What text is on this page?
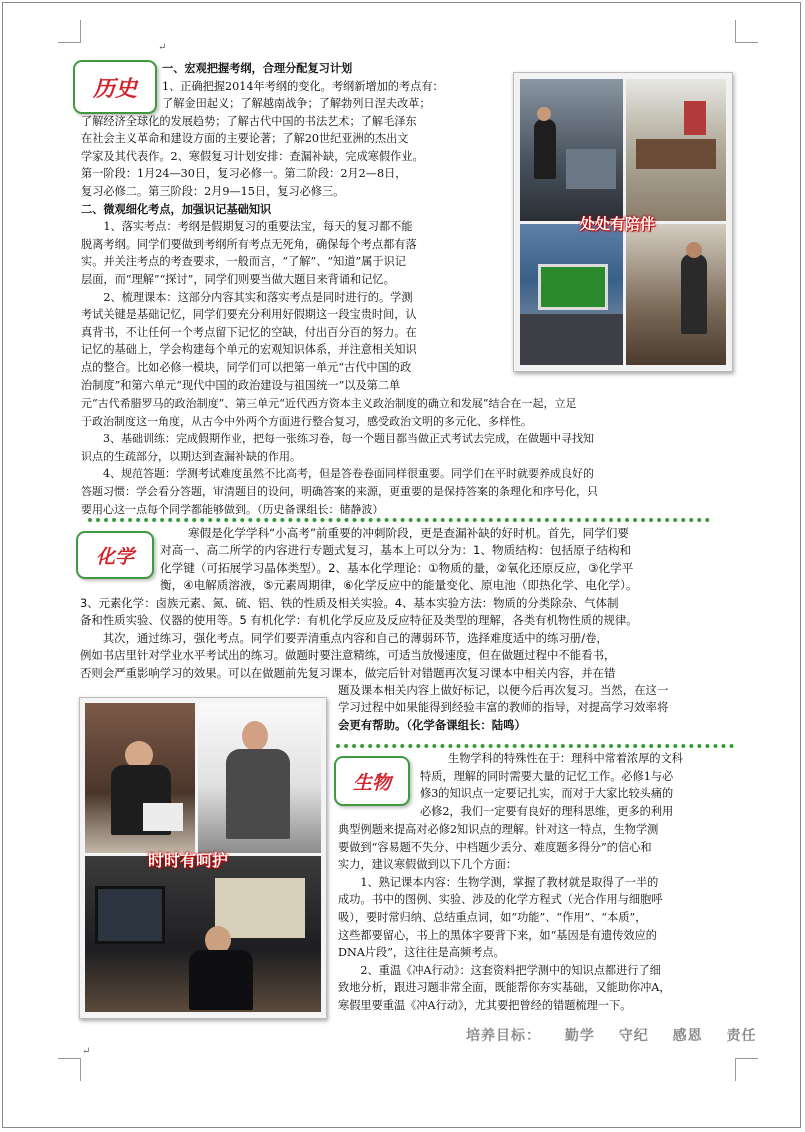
↵
↵
历史

一、宏观把握考纲，合理分配复习计划

1、正确把握2014年考纲的变化。考纲新增加的考点有：

了解金田起义；了解越南战争；了解勃列日涅夫改革；

了解经济全球化的发展趋势；了解古代中国的书法艺术；了解毛泽东

在社会主义革命和建设方面的主要论著；了解20世纪亚洲的杰出文

学家及其代表作。2、寒假复习计划安排：查漏补缺，完成寒假作业。

第一阶段：1月24—30日，复习必修一。第二阶段：2月2—8日，

复习必修二。第三阶段：2月9—15日，复习必修三。

二、微观细化考点，加强识记基础知识

　　1、落实考点：考纲是假期复习的重要法宝，每天的复习都不能

脱离考纲。同学们要做到考纲所有考点无死角，确保每个考点都有落

实。并关注考点的考查要求，一般而言，“了解”、“知道”属于识记

层面，而“理解”“探讨”，同学们则要当做大题目来背诵和记忆。

　　2、梳理课本：这部分内容其实和落实考点是同时进行的。学测

考试关键是基础记忆，同学们要充分利用好假期这一段宝贵时间，认

真背书，不让任何一个考点留下记忆的空缺，付出百分百的努力。在

记忆的基础上，学会构建每个单元的宏观知识体系，并注意相关知识

点的整合。比如必修一模块，同学们可以把第一单元“古代中国的政

治制度”和第六单元“现代中国的政治建设与祖国统一”以及第二单

元“古代希腊罗马的政治制度”、第三单元“近代西方资本主义政治制度的确立和发展”结合在一起，立足

于政治制度这一角度，从古今中外两个方面进行整合复习，感受政治文明的多元化、多样性。

　　3、基础训练：完成假期作业，把每一张练习卷，每一个题目都当做正式考试去完成，在做题中寻找知

识点的生疏部分，以期达到查漏补缺的作用。

　　4、规范答题：学测考试难度虽然不比高考，但是答卷卷面同样很重要。同学们在平时就要养成良好的

答题习惯：学会看分答题，审清题目的设问，明确答案的来源，更重要的是保持答案的条理化和序号化，只

要用心这一点每个同学都能够做到。（历史备课组长：储静波）

处处有陪伴
化学

寒假是化学学科“小高考”前重要的冲刺阶段，更是查漏补缺的好时机。首先，同学们要

对高一、高二所学的内容进行专题式复习，基本上可以分为：1、物质结构：包括原子结构和

化学键（可拓展学习晶体类型）。2、基本化学理论：①物质的量，②氧化还原反应，③化学平

衡，④电解质溶液，⑤元素周期律，⑥化学反应中的能量变化、原电池（即热化学、电化学）。

3、元素化学：卤族元素、氮、硫、铝、铁的性质及相关实验。4、基本实验方法：物质的分类除杂、气体制

备和性质实验、仪器的使用等。5 有机化学：有机化学反应及反应特征及类型的理解，各类有机物性质的规律。

　　其次，通过练习，强化考点。同学们要弄清重点内容和自己的薄弱环节，选择难度适中的练习册/卷，

例如书店里针对学业水平考试出的练习。做题时要注意精练，可适当放慢速度，但在做题过程中不能看书，

否则会严重影响学习的效果。可以在做题前先复习课本，做完后针对错题再次复习课本中相关内容，并在错

题及课本相关内容上做好标记，以便今后再次复习。当然，在这一

学习过程中如果能得到经验丰富的教师的指导，对提高学习效率将

会更有帮助。（化学备课组长：陆鸣）

时时有呵护
生物

生物学科的特殊性在于：理科中常着浓厚的文科

特质，理解的同时需要大量的记忆工作。必修1与必

修3的知识点一定要记扎实，而对于大家比较头痛的

必修2，我们一定要有良好的理科思维，更多的利用

典型例题来提高对必修2知识点的理解。针对这一特点，生物学测

要做到“容易题不失分、中档题少丢分、难度题多得分”的信心和

实力，建议寒假做到以下几个方面：

　　1、熟记课本内容：生物学测，掌握了教材就是取得了一半的

成功。书中的图例、实验、涉及的化学方程式（光合作用与细胞呼

吸），要时常归纳、总结重点词，如“功能”、“作用”、“本质”，

这些都要留心，书上的黑体字要背下来，如“基因是有遗传效应的

DNA片段”，这往往是高频考点。

　　2、重温《冲A行动》：这套资料把学测中的知识点都进行了细

致地分析，跟进习题非常全面，既能帮你夯实基础，又能助你冲A，

寒假里要重温《冲A行动》，尤其要把曾经的错题梳理一下。

培养目标： 勤学 守纪 感恩 责任
